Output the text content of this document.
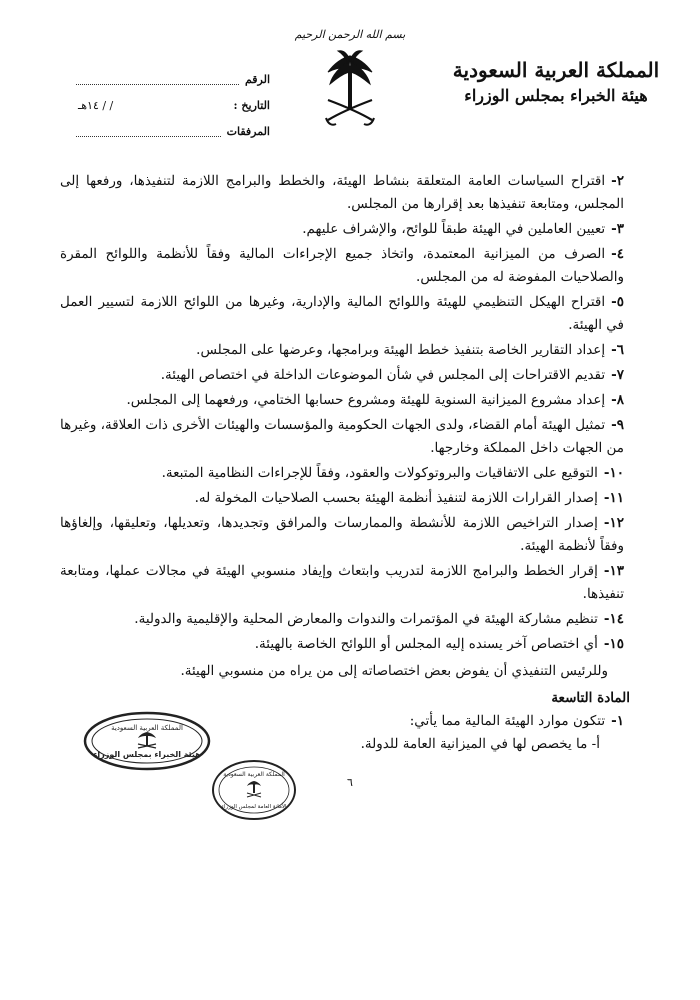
بسم الله الرحمن الرحيم
المملكة العربية السعودية
هيئة الخبراء بمجلس الوزراء
الرقم
التاريخ :
/ / ١٤هـ
المرفقات
٢-اقتراح السياسات العامة المتعلقة بنشاط الهيئة، والخطط والبرامج اللازمة لتنفيذها، ورفعها إلى المجلس، ومتابعة تنفيذها بعد إقرارها من المجلس.
٣-تعيين العاملين في الهيئة طبقاً للوائح، والإشراف عليهم.
٤-الصرف من الميزانية المعتمدة، واتخاذ جميع الإجراءات المالية وفقاً للأنظمة واللوائح المقرة والصلاحيات المفوضة له من المجلس.
٥-اقتراح الهيكل التنظيمي للهيئة واللوائح المالية والإدارية، وغيرها من اللوائح اللازمة لتسيير العمل في الهيئة.
٦-إعداد التقارير الخاصة بتنفيذ خطط الهيئة وبرامجها، وعرضها على المجلس.
٧-تقديم الاقتراحات إلى المجلس في شأن الموضوعات الداخلة في اختصاص الهيئة.
٨-إعداد مشروع الميزانية السنوية للهيئة ومشروع حسابها الختامي، ورفعهما إلى المجلس.
٩-تمثيل الهيئة أمام القضاء، ولدى الجهات الحكومية والمؤسسات والهيئات الأخرى ذات العلاقة، وغيرها من الجهات داخل المملكة وخارجها.
١٠-التوقيع على الاتفاقيات والبروتوكولات والعقود، وفقاً للإجراءات النظامية المتبعة.
١١-إصدار القرارات اللازمة لتنفيذ أنظمة الهيئة بحسب الصلاحيات المخولة له.
١٢-إصدار التراخيص اللازمة للأنشطة والممارسات والمرافق وتجديدها، وتعديلها، وتعليقها، وإلغاؤها وفقاً لأنظمة الهيئة.
١٣-إقرار الخطط والبرامج اللازمة لتدريب وابتعاث وإيفاد منسوبي الهيئة في مجالات عملها، ومتابعة تنفيذها.
١٤-تنظيم مشاركة الهيئة في المؤتمرات والندوات والمعارض المحلية والإقليمية والدولية.
١٥-أي اختصاص آخر يسنده إليه المجلس أو اللوائح الخاصة بالهيئة.
وللرئيس التنفيذي أن يفوض بعض اختصاصاته إلى من يراه من منسوبي الهيئة.
المادة التاسعة
١-تتكون موارد الهيئة المالية مما يأتي:
أ- ما يخصص لها في الميزانية العامة للدولة.
٦
المملكة العربية السعودية
هيئة الخبراء بمجلس الوزراء
المملكة العربية السعودية
الأمانة العامة لمجلس الوزراء
